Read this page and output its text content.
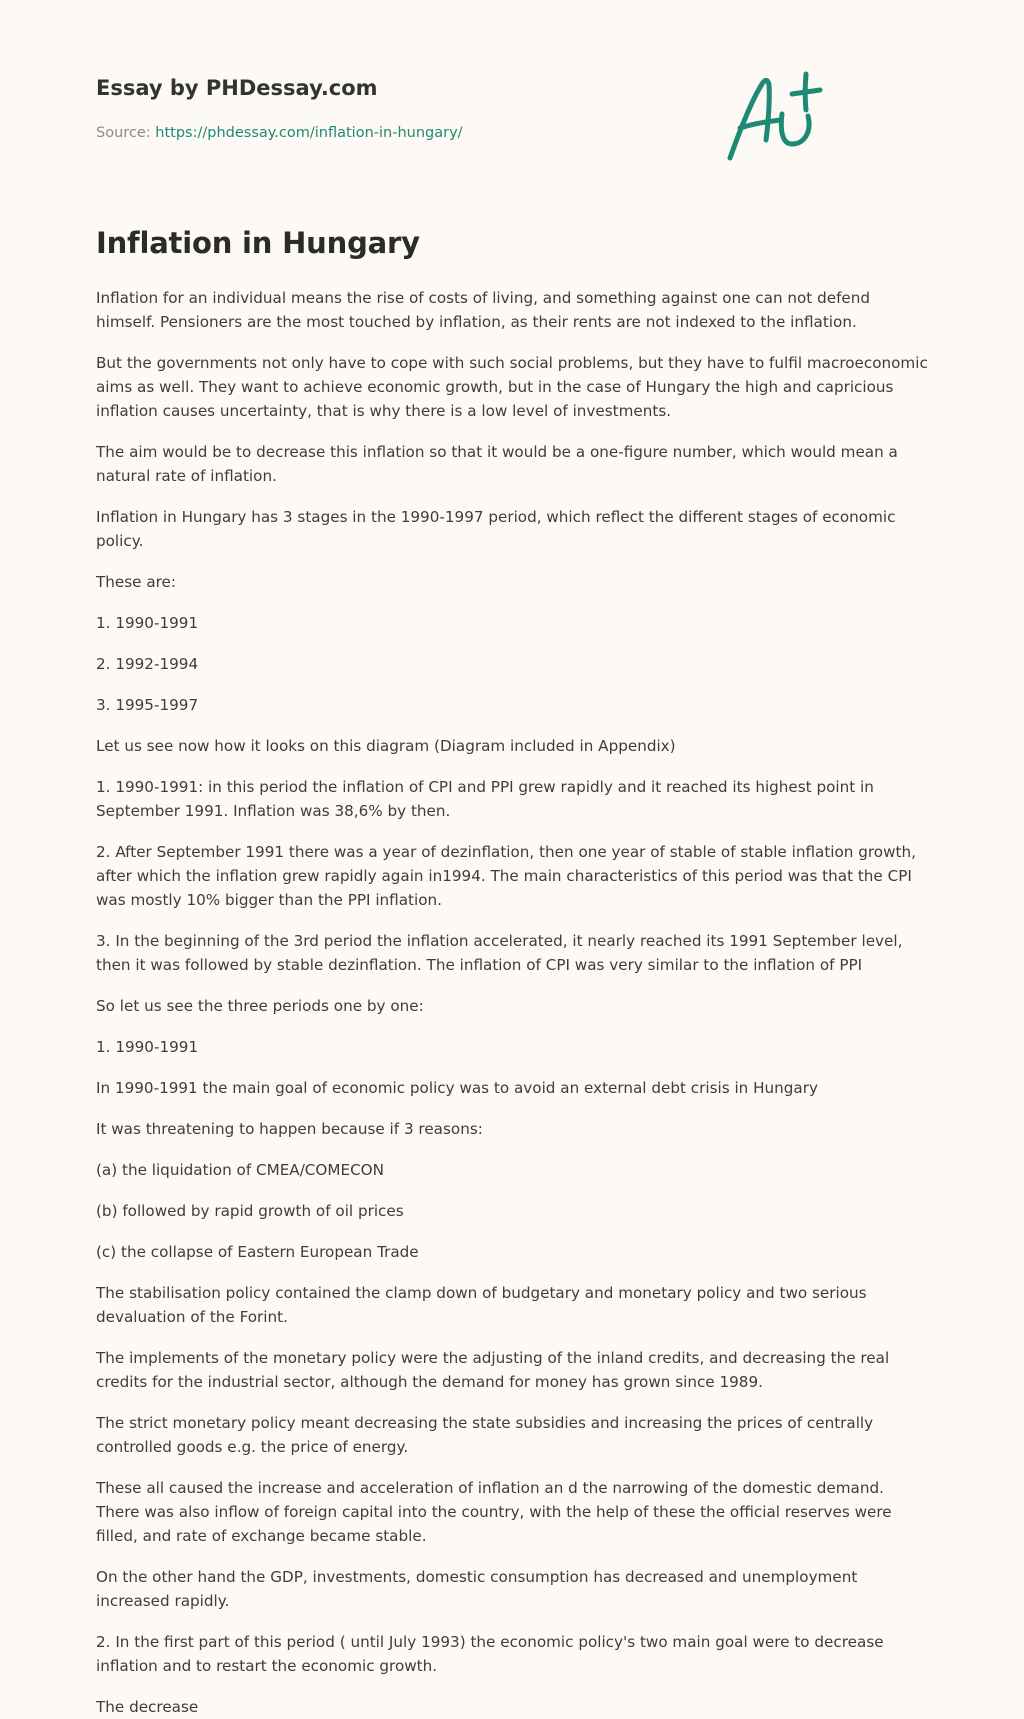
Essay by PHDessay.com
Source: https://phdessay.com/inflation-in-hungary/
Inflation in Hungary

Inflation for an individual means the rise of costs of living, and something against one can not defend himself. Pensioners are the most touched by inflation, as their rents are not indexed to the inflation.

But the governments not only have to cope with such social problems, but they have to fulfil macroeconomic aims as well. They want to achieve economic growth, but in the case of Hungary the high and capricious inflation causes uncertainty, that is why there is a low level of investments.

The aim would be to decrease this inflation so that it would be a one-figure number, which would mean a natural rate of inflation.

Inflation in Hungary has 3 stages in the 1990-1997 period, which reflect the different stages of economic policy.

These are:

1. 1990-1991

2. 1992-1994

3. 1995-1997

Let us see now how it looks on this diagram (Diagram included in Appendix)

1. 1990-1991: in this period the inflation of CPI and PPI grew rapidly and it reached its highest point in September 1991. Inflation was 38,6% by then.

2. After September 1991 there was a year of dezinflation, then one year of stable of stable inflation growth, after which the inflation grew rapidly again in1994. The main characteristics of this period was that the CPI was mostly 10% bigger than the PPI inflation.

3. In the beginning of the 3rd period the inflation accelerated, it nearly reached its 1991 September level, then it was followed by stable dezinflation. The inflation of CPI was very similar to the inflation of PPI

So let us see the three periods one by one:

1. 1990-1991

In 1990-1991 the main goal of economic policy was to avoid an external debt crisis in Hungary

It was threatening to happen because if 3 reasons:

(a) the liquidation of CMEA/COMECON

(b) followed by rapid growth of oil prices

(c) the collapse of Eastern European Trade

The stabilisation policy contained the clamp down of budgetary and monetary policy and two serious devaluation of the Forint.

The implements of the monetary policy were the adjusting of the inland credits, and decreasing the real credits for the industrial sector, although the demand for money has grown since 1989.

The strict monetary policy meant decreasing the state subsidies and increasing the prices of centrally controlled goods e.g. the price of energy.

These all caused the increase and acceleration of inflation an d the narrowing of the domestic demand. There was also inflow of foreign capital into the country, with the help of these the official reserves were filled, and rate of exchange became stable.

On the other hand the GDP, investments, domestic consumption has decreased and unemployment increased rapidly.

2. In the first part of this period ( until July 1993) the economic policy's two main goal were to decrease inflation and to restart the economic growth.

The decrease
